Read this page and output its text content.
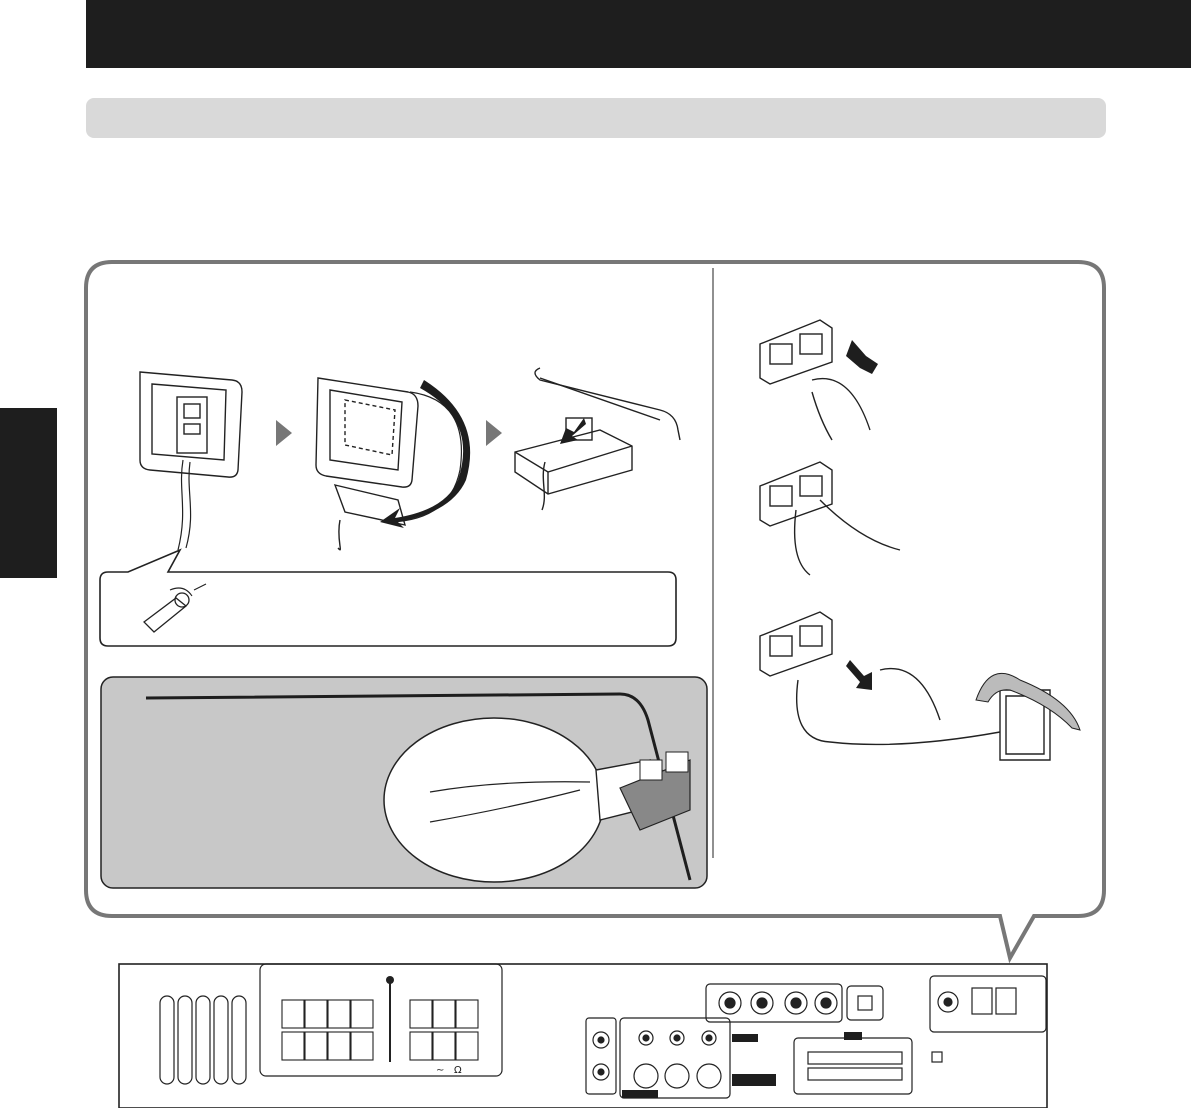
Ω
∼
